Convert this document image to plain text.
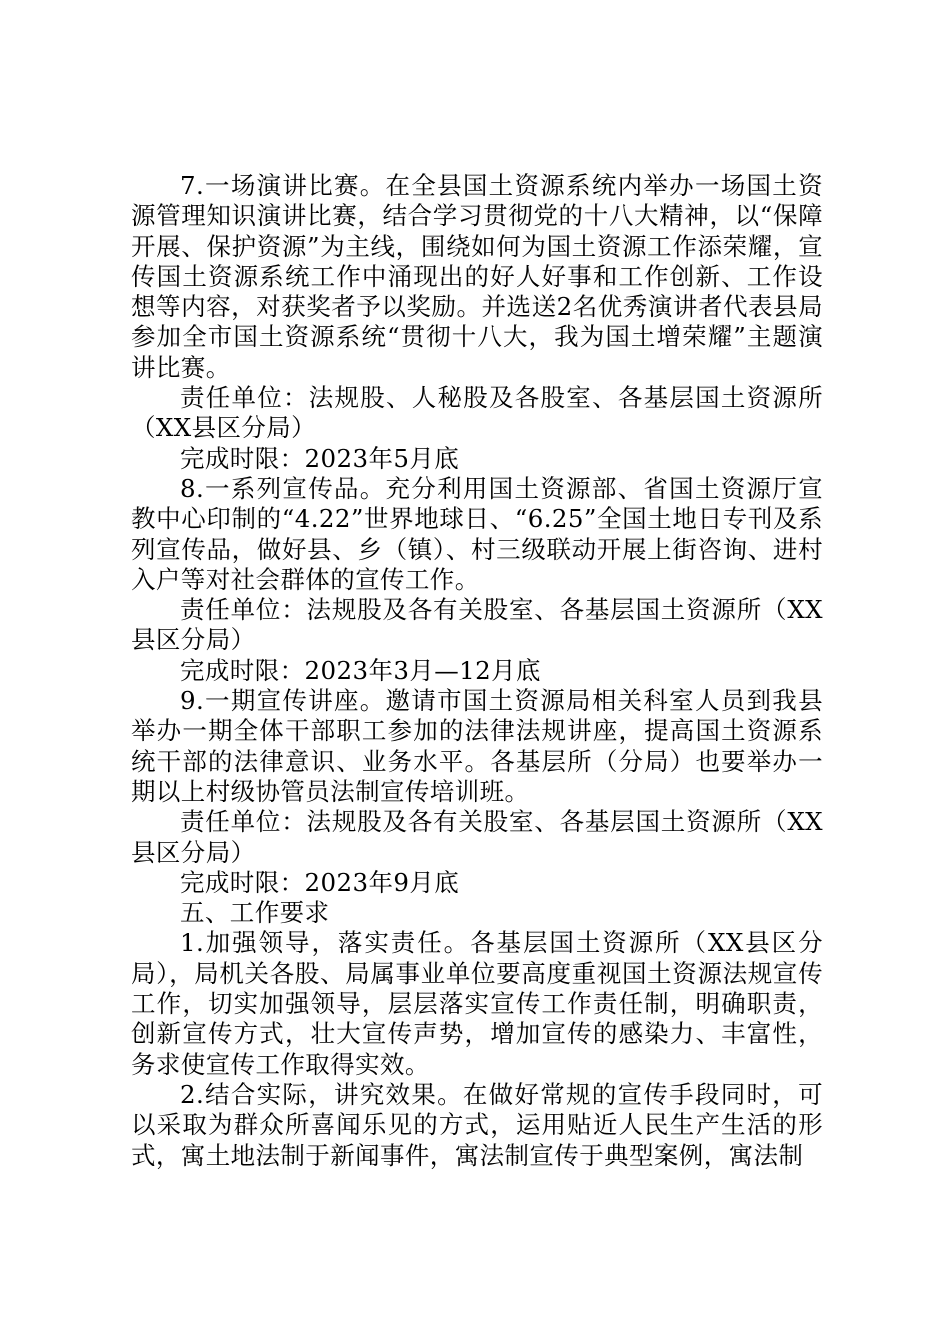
7.一场演讲比赛。在全县国土资源系统内举办一场国土资源管理知识演讲比赛，结合学习贯彻党的十八大精神，以“保障开展、保护资源”为主线，围绕如何为国土资源工作添荣耀，宣传国土资源系统工作中涌现出的好人好事和工作创新、工作设想等内容，对获奖者予以奖励。并选送2名优秀演讲者代表县局参加全市国土资源系统“贯彻十八大，我为国土增荣耀”主题演讲比赛。

责任单位：法规股、人秘股及各股室、各基层国土资源所（XX县区分局）

完成时限：2023年5月底

8.一系列宣传品。充分利用国土资源部、省国土资源厅宣教中心印制的“4.22”世界地球日、“6.25”全国土地日专刊及系列宣传品，做好县、乡（镇）、村三级联动开展上街咨询、进村入户等对社会群体的宣传工作。

责任单位：法规股及各有关股室、各基层国土资源所（XX县区分局）

完成时限：2023年3月—12月底

9.一期宣传讲座。邀请市国土资源局相关科室人员到我县举办一期全体干部职工参加的法律法规讲座，提高国土资源系统干部的法律意识、业务水平。各基层所（分局）也要举办一期以上村级协管员法制宣传培训班。

责任单位：法规股及各有关股室、各基层国土资源所（XX县区分局）

完成时限：2023年9月底

五、工作要求

1.加强领导，落实责任。各基层国土资源所（XX县区分局），局机关各股、局属事业单位要高度重视国土资源法规宣传工作，切实加强领导，层层落实宣传工作责任制，明确职责，创新宣传方式，壮大宣传声势，增加宣传的感染力、丰富性，务求使宣传工作取得实效。

2.结合实际，讲究效果。在做好常规的宣传手段同时，可以采取为群众所喜闻乐见的方式，运用贴近人民生产生活的形式，寓土地法制于新闻事件，寓法制宣传于典型案例，寓法制
